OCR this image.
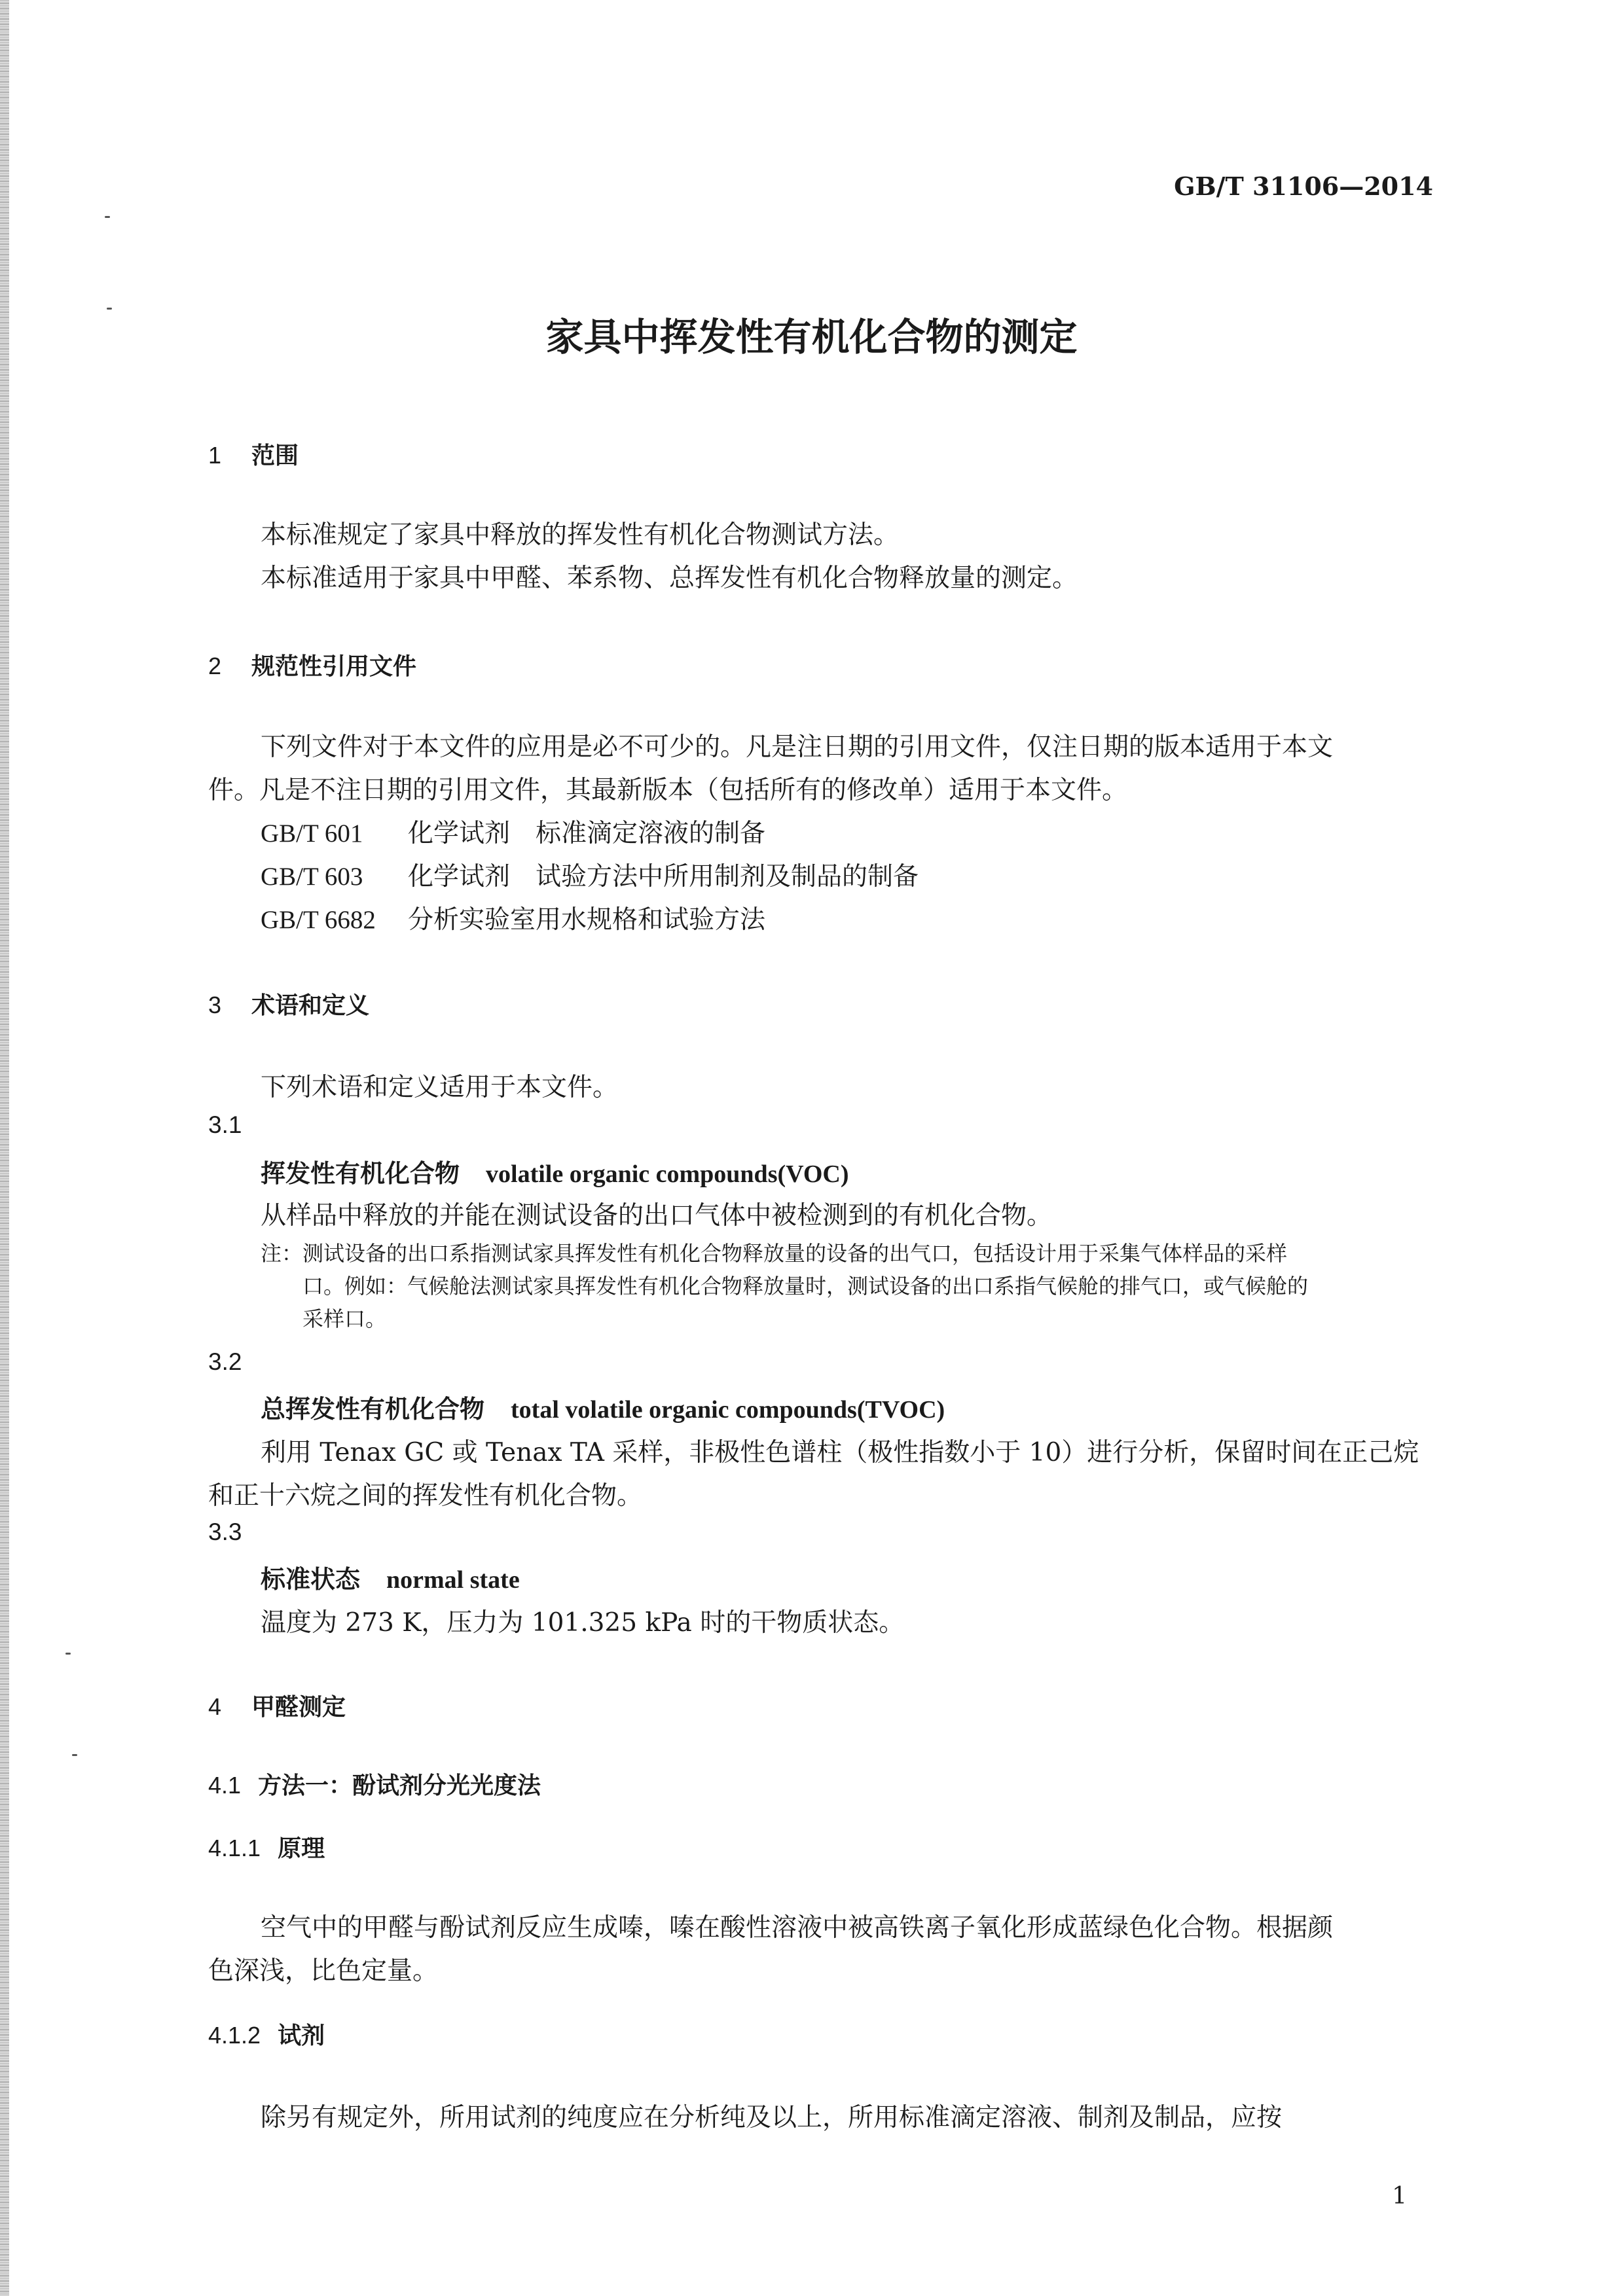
GB/T 31106—2014
家具中挥发性有机化合物的测定
1 范围
本标准规定了家具中释放的挥发性有机化合物测试方法。
本标准适用于家具中甲醛、苯系物、总挥发性有机化合物释放量的测定。
2 规范性引用文件
下列文件对于本文件的应用是必不可少的。凡是注日期的引用文件，仅注日期的版本适用于本文
件。凡是不注日期的引用文件，其最新版本（包括所有的修改单）适用于本文件。
GB/T 601 化学试剂　标准滴定溶液的制备
GB/T 603 化学试剂　试验方法中所用制剂及制品的制备
GB/T 6682 分析实验室用水规格和试验方法
3 术语和定义
下列术语和定义适用于本文件。
3.1
挥发性有机化合物 volatile organic compounds(VOC)
从样品中释放的并能在测试设备的出口气体中被检测到的有机化合物。
注：测试设备的出口系指测试家具挥发性有机化合物释放量的设备的出气口，包括设计用于采集气体样品的采样
口。例如：气候舱法测试家具挥发性有机化合物释放量时，测试设备的出口系指气候舱的排气口，或气候舱的
采样口。
3.2
总挥发性有机化合物 total volatile organic compounds(TVOC)
利用 Tenax GC 或 Tenax TA 采样，非极性色谱柱（极性指数小于 10）进行分析，保留时间在正己烷
和正十六烷之间的挥发性有机化合物。
3.3
标准状态 normal state
温度为 273 K，压力为 101.325 kPa 时的干物质状态。
4 甲醛测定
4.1 方法一：酚试剂分光光度法
4.1.1 原理
空气中的甲醛与酚试剂反应生成嗪，嗪在酸性溶液中被高铁离子氧化形成蓝绿色化合物。根据颜
色深浅，比色定量。
4.1.2 试剂
除另有规定外，所用试剂的纯度应在分析纯及以上，所用标准滴定溶液、制剂及制品，应按
1
